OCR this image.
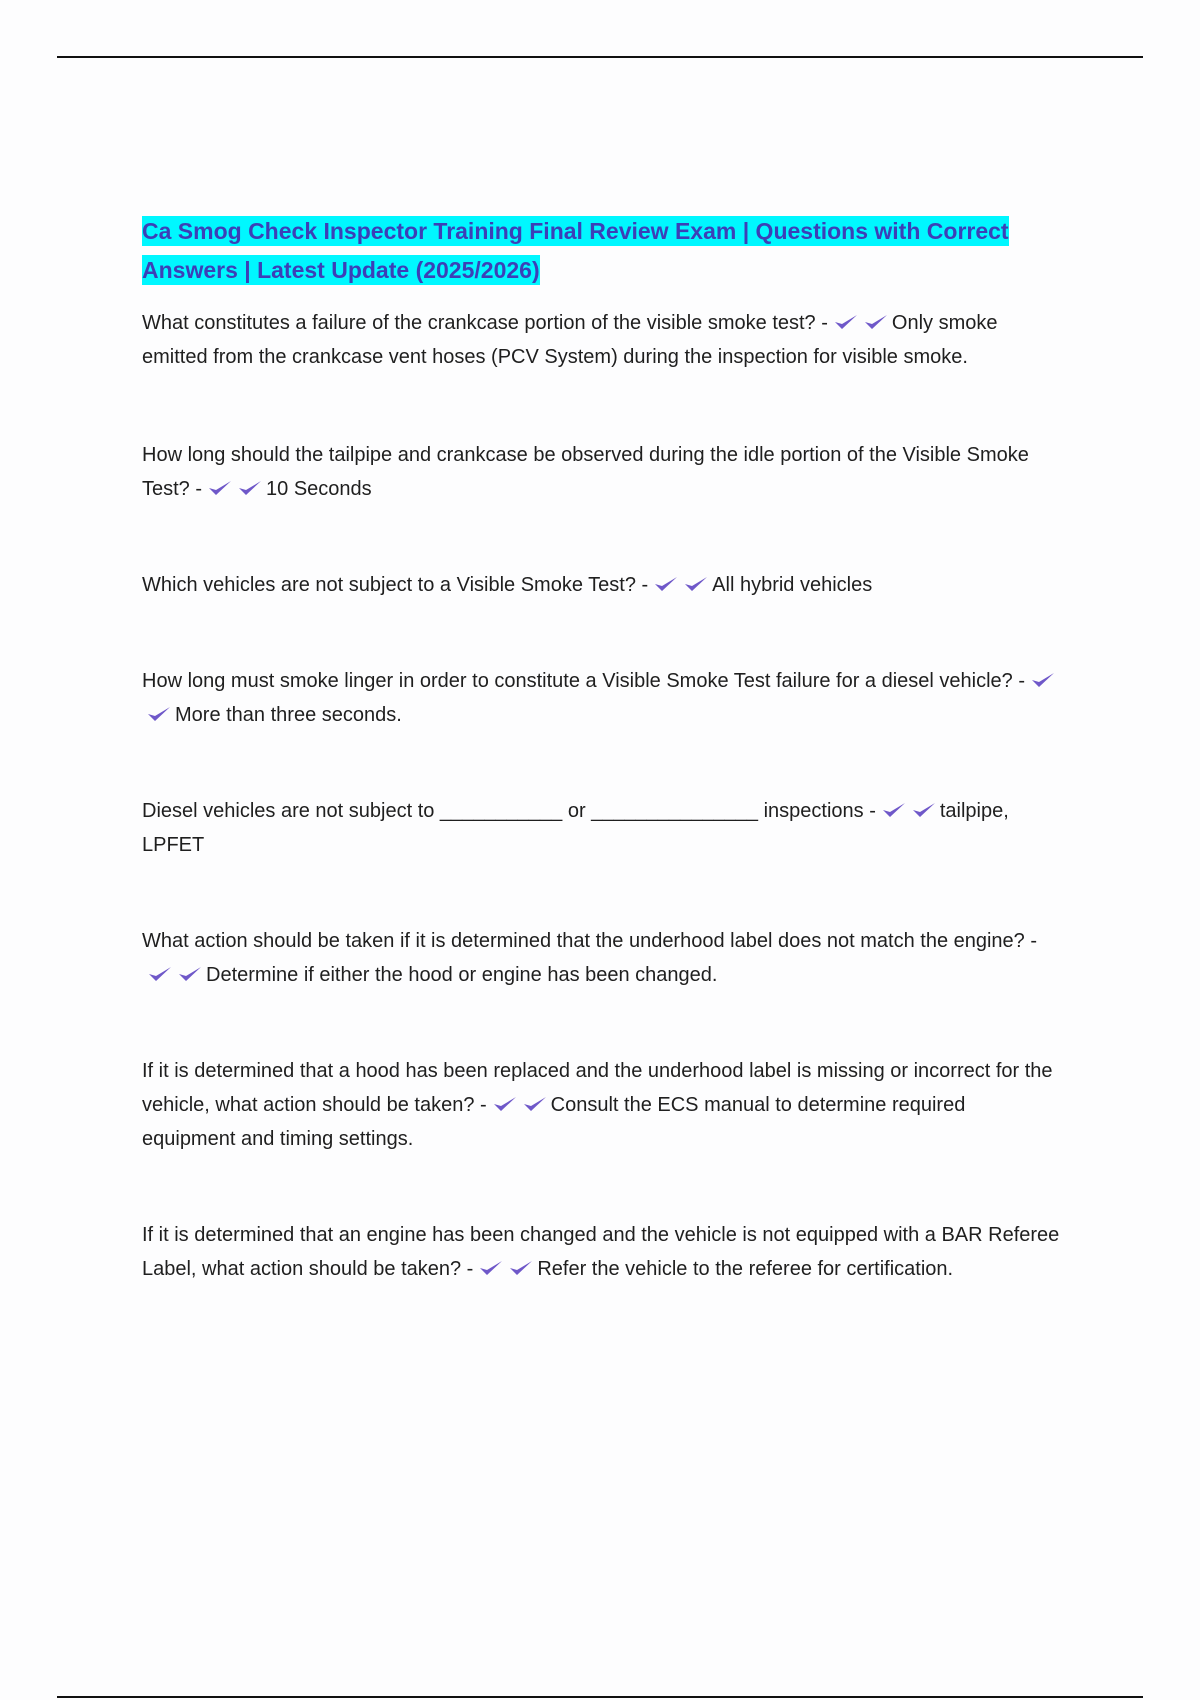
Ca Smog Check Inspector Training Final Review Exam | Questions with Correct
Answers | Latest Update (2025/2026)

What constitutes a failure of the crankcase portion of the visible smoke test? -	Only smoke emitted from the crankcase vent hoses (PCV System) during the inspection for visible smoke.

How long should the tailpipe and crankcase be observed during the idle portion of the Visible Smoke Test? -	10 Seconds

Which vehicles are not subject to a Visible Smoke Test? -	All hybrid vehicles

How long must smoke linger in order to constitute a Visible Smoke Test failure for a diesel vehicle? -More than three seconds.

Diesel vehicles are not subject to ___________ or _______________ inspections -	tailpipe, LPFET

What action should be taken if it is determined that the underhood label does not match the engine? -Determine if either the hood or engine has been changed.

If it is determined that a hood has been replaced and the underhood label is missing or incorrect for the vehicle, what action should be taken? -	Consult the ECS manual to determine required equipment and timing settings.

If it is determined that an engine has been changed and the vehicle is not equipped with a BAR Referee Label, what action should be taken? -	Refer the vehicle to the referee for certification.
